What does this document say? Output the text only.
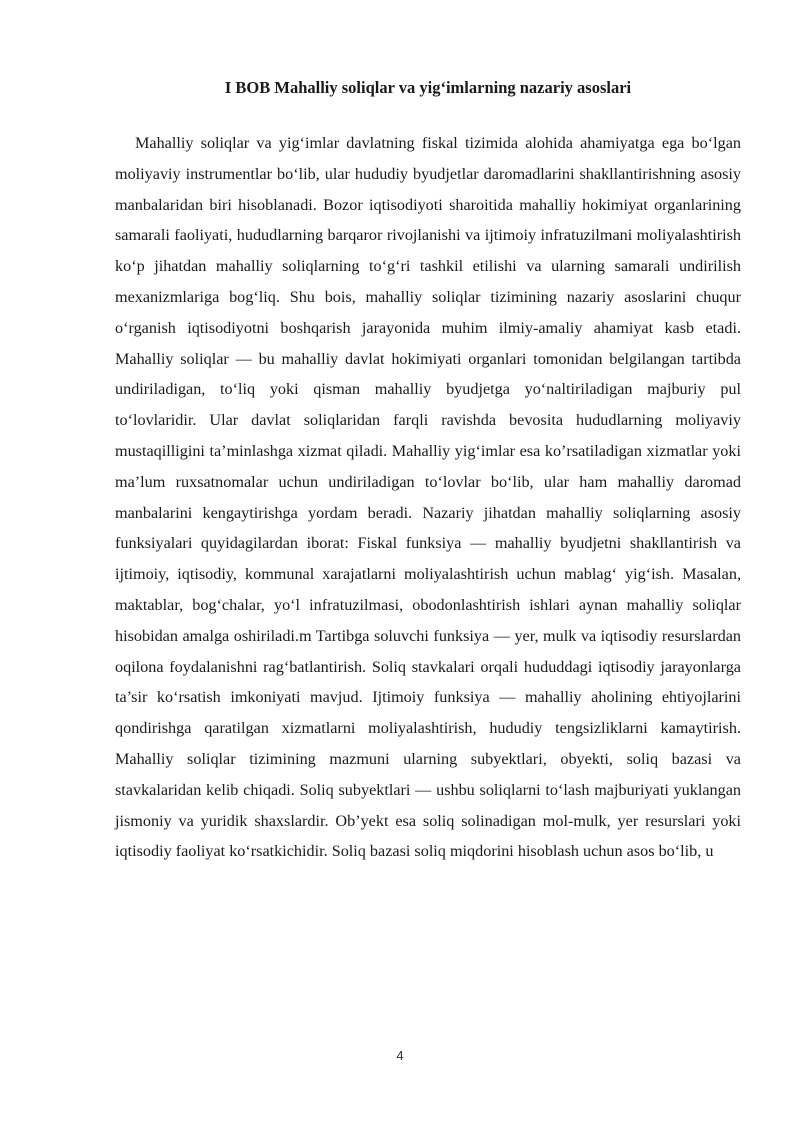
I BOB Mahalliy soliqlar va yig‘imlarning nazariy asoslari

Mahalliy soliqlar va yig‘imlar davlatning fiskal tizimida alohida ahamiyatga ega bo‘lgan moliyaviy instrumentlar bo‘lib, ular hududiy byudjetlar daromadlarini shakllantirishning asosiy manbalaridan biri hisoblanadi. Bozor iqtisodiyoti sharoitida mahalliy hokimiyat organlarining samarali faoliyati, hududlarning barqaror rivojlanishi va ijtimoiy infratuzilmani moliyalashtirish ko‘p jihatdan mahalliy soliqlarning to‘g‘ri tashkil etilishi va ularning samarali undirilish mexanizmlariga bog‘liq. Shu bois, mahalliy soliqlar tizimining nazariy asoslarini chuqur o‘rganish iqtisodiyotni boshqarish jarayonida muhim ilmiy-amaliy ahamiyat kasb etadi. Mahalliy soliqlar — bu mahalliy davlat hokimiyati organlari tomonidan belgilangan tartibda undiriladigan, to‘liq yoki qisman mahalliy byudjetga yo‘naltiriladigan majburiy pul to‘lovlaridir. Ular davlat soliqlaridan farqli ravishda bevosita hududlarning moliyaviy mustaqilligini ta’minlashga xizmat qiladi. Mahalliy yig‘imlar esa ko’rsatiladigan xizmatlar yoki ma’lum ruxsatnomalar uchun undiriladigan to‘lovlar bo‘lib, ular ham mahalliy daromad manbalarini kengaytirishga yordam beradi. Nazariy jihatdan mahalliy soliqlarning asosiy funksiyalari quyidagilardan iborat: Fiskal funksiya — mahalliy byudjetni shakllantirish va ijtimoiy, iqtisodiy, kommunal xarajatlarni moliyalashtirish uchun mablag‘ yig‘ish. Masalan, maktablar, bog‘chalar, yo‘l infratuzilmasi, obodonlashtirish ishlari aynan mahalliy soliqlar hisobidan amalga oshiriladi.m Tartibga soluvchi funksiya — yer, mulk va iqtisodiy resurslardan oqilona foydalanishni rag‘batlantirish. Soliq stavkalari orqali hududdagi iqtisodiy jarayonlarga ta’sir ko‘rsatish imkoniyati mavjud. Ijtimoiy funksiya — mahalliy aholining ehtiyojlarini qondirishga qaratilgan xizmatlarni moliyalashtirish, hududiy tengsizliklarni kamaytirish. Mahalliy soliqlar tizimining mazmuni ularning subyektlari, obyekti, soliq bazasi va stavkalaridan kelib chiqadi. Soliq subyektlari — ushbu soliqlarni to‘lash majburiyati yuklangan jismoniy va yuridik shaxslardir. Ob’yekt esa soliq solinadigan mol-mulk, yer resurslari yoki iqtisodiy faoliyat ko‘rsatkichidir. Soliq bazasi soliq miqdorini hisoblash uchun asos bo‘lib, u

4
